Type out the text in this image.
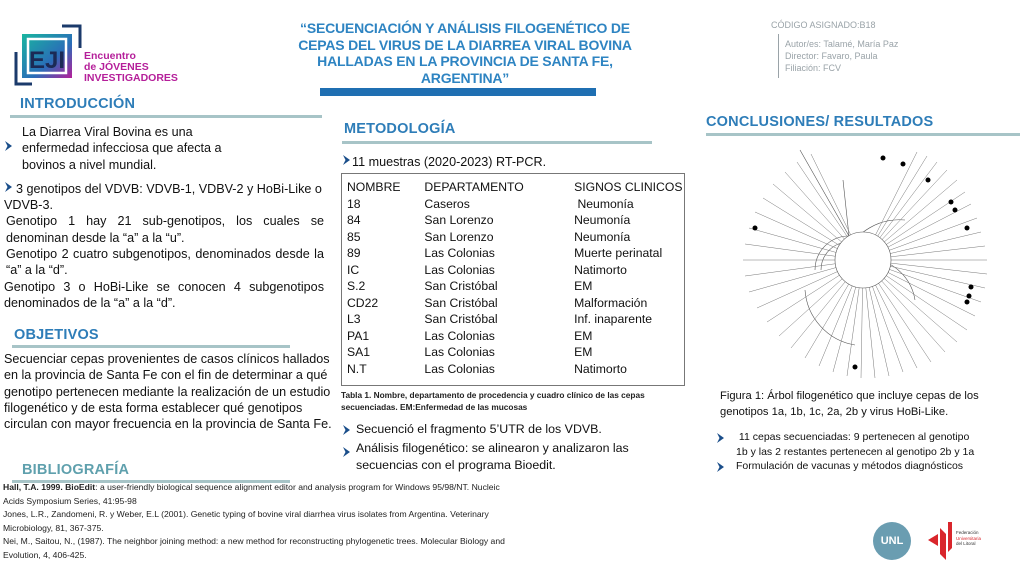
EJI Encuentro
de JÓVENES
INVESTIGADORES
“SECUENCIACIÓN Y ANÁLISIS FILOGENÉTICO DE
CEPAS DEL VIRUS DE LA DIARREA VIRAL BOVINA
HALLADAS EN LA PROVINCIA DE SANTA FE,
ARGENTINA”
CÓDIGO ASIGNADO:B18
Autor/es: Talamé, María Paz
Director: Favaro, Paula
Filiación: FCV
INTRODUCCIÓN
La Diarrea Viral Bovina es una enfermedad infecciosa que afecta a bovinos a nivel mundial.
3 genotipos del VDVB: VDVB-1, VDBV-2 y HoBi-Like o VDVB-3.
Genotipo 1 hay 21 sub-genotipos, los cuales se denominan desde la “a” a la “u”.
Genotipo 2 cuatro subgenotipos, denominados desde la “a” a la “d”.
Genotipo 3 o HoBi-Like se conocen 4 subgenotipos denominados de la “a” a la “d”.
OBJETIVOS
Secuenciar cepas provenientes de casos clínicos hallados en la provincia de Santa Fe con el fin de determinar a qué genotipo pertenecen mediante la realización de un estudio filogenético y de esta forma establecer qué genotipos circulan con mayor frecuencia en la provincia de Santa Fe.
BIBLIOGRAFÍA
Hall, T.A. 1999. BioEdit: a user-friendly biological sequence alignment editor and analysis program for Windows 95/98/NT. Nucleic Acids Symposium Series, 41:95-98
Jones, L.R., Zandomeni, R. y Weber, E.L (2001). Genetic typing of bovine viral diarrhea virus isolates from Argentina. Veterinary Microbiology, 81, 367-375.
Nei, M., Saitou, N., (1987). The neighbor joining method: a new method for reconstructing phylogenetic trees. Molecular Biology and Evolution, 4, 406-425.
METODOLOGÍA
11 muestras (2020-2023) RT-PCR.
NOMBRE	DEPARTAMENTO	SIGNOS CLINICOS
18	Caseros	Neumonía
84	San Lorenzo	Neumonía
85	San Lorenzo	Neumonía
89	Las Colonias	Muerte perinatal
IC	Las Colonias	Natimorto
S.2	San Cristóbal	EM
CD22	San Cristóbal	Malformación
L3	San Cristóbal	Inf. inaparente
PA1	Las Colonias	EM
SA1	Las Colonias	EM
N.T	Las Colonias	Natimorto
Tabla 1. Nombre, departamento de procedencia y cuadro clínico de las cepas secuenciadas. EM:Enfermedad de las mucosas
Secuenció el fragmento 5’UTR de los VDVB.
Análisis filogenético: se alinearon y analizaron las secuencias con el programa Bioedit.
CONCLUSIONES/ RESULTADOS
Figura 1: Árbol filogenético que incluye cepas de los genotipos 1a, 1b, 1c, 2a, 2b y virus HoBi-Like.
11 cepas secuenciadas: 9 pertenecen al genotipo 1b y las 2 restantes pertenecen al genotipo 2b y 1a
Formulación de vacunas y métodos diagnósticos
UNL
Federación
Universitaria
del Litoral
